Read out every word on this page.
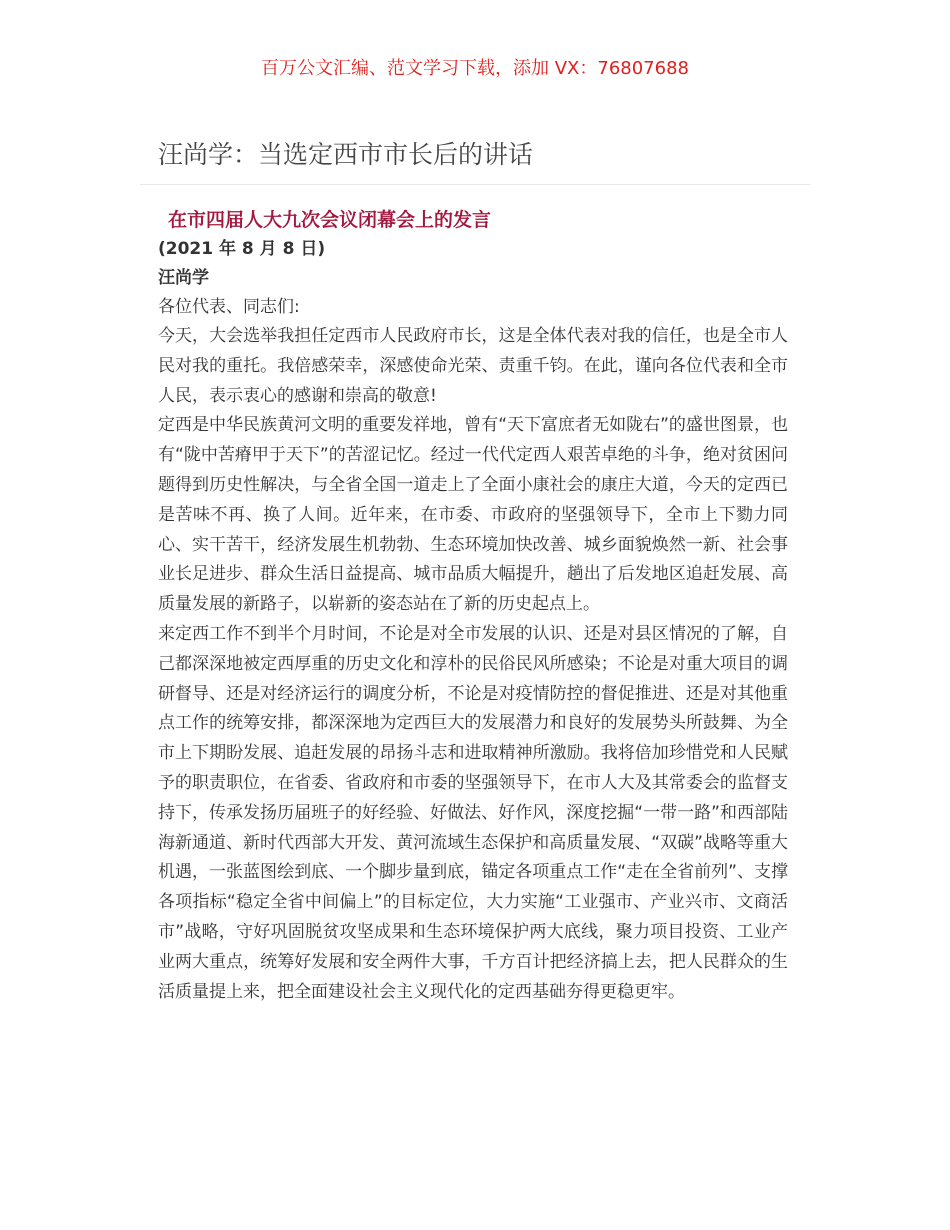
百万公文汇编、范文学习下载，添加 VX：76807688
汪尚学：当选定西市市长后的讲话
在市四届人大九次会议闭幕会上的发言
(2021 年 8 月 8 日)
汪尚学
各位代表、同志们:

今天，大会选举我担任定西市人民政府市长，这是全体代表对我的信任，也是全市人民对我的重托。我倍感荣幸，深感使命光荣、责重千钧。在此，谨向各位代表和全市人民，表示衷心的感谢和崇高的敬意!

定西是中华民族黄河文明的重要发祥地，曾有“天下富庶者无如陇右”的盛世图景，也有“陇中苦瘠甲于天下”的苦涩记忆。经过一代代定西人艰苦卓绝的斗争，绝对贫困问题得到历史性解决，与全省全国一道走上了全面小康社会的康庄大道，今天的定西已是苦味不再、换了人间。近年来，在市委、市政府的坚强领导下，全市上下勠力同心、实干苦干，经济发展生机勃勃、生态环境加快改善、城乡面貌焕然一新、社会事业长足进步、群众生活日益提高、城市品质大幅提升，趟出了后发地区追赶发展、高质量发展的新路子，以崭新的姿态站在了新的历史起点上。

来定西工作不到半个月时间，不论是对全市发展的认识、还是对县区情况的了解，自己都深深地被定西厚重的历史文化和淳朴的民俗民风所感染；不论是对重大项目的调研督导、还是对经济运行的调度分析，不论是对疫情防控的督促推进、还是对其他重点工作的统筹安排，都深深地为定西巨大的发展潜力和良好的发展势头所鼓舞、为全市上下期盼发展、追赶发展的昂扬斗志和进取精神所激励。我将倍加珍惜党和人民赋予的职责职位，在省委、省政府和市委的坚强领导下，在市人大及其常委会的监督支持下，传承发扬历届班子的好经验、好做法、好作风，深度挖掘“一带一路”和西部陆海新通道、新时代西部大开发、黄河流域生态保护和高质量发展、“双碳”战略等重大机遇，一张蓝图绘到底、一个脚步量到底，锚定各项重点工作“走在全省前列”、支撑各项指标“稳定全省中间偏上”的目标定位，大力实施“工业强市、产业兴市、文商活市”战略，守好巩固脱贫攻坚成果和生态环境保护两大底线，聚力项目投资、工业产业两大重点，统筹好发展和安全两件大事，千方百计把经济搞上去，把人民群众的生活质量提上来，把全面建设社会主义现代化的定西基础夯得更稳更牢。
